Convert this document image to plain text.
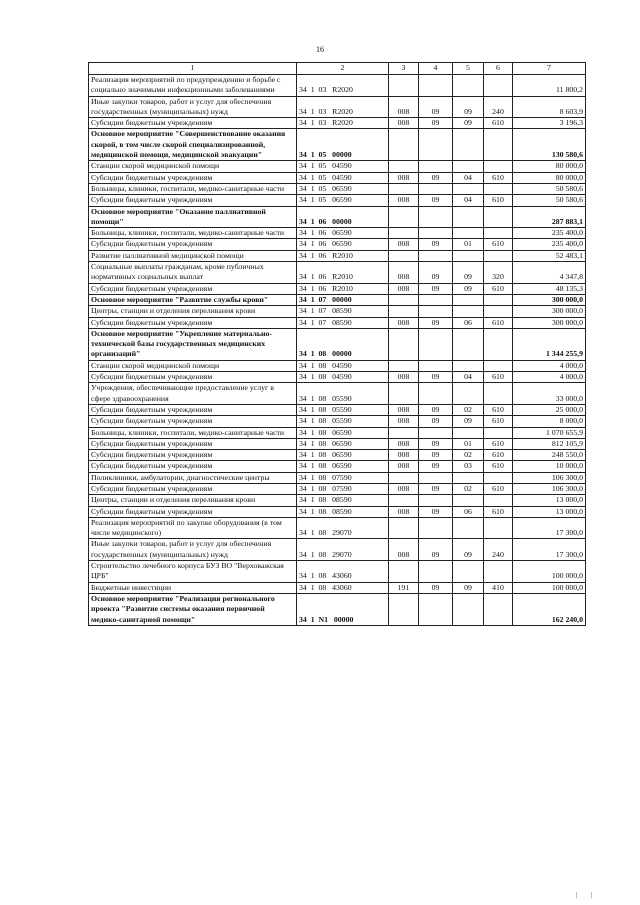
16
1	2	3	4	5	6	7
Реализация мероприятий по предупреждению и борьбе с социально значимыми инфекционными заболеваниями	34  1  03   R2020					11 800,2
Иные закупки товаров, работ и услуг для обеспечения государственных (муниципальных) нужд	34  1  03   R2020	008	09	09	240	8 603,9
Субсидии бюджетным учреждениям	34  1  03   R2020	008	09	09	610	3 196,3
Основное мероприятие "Совершенствование оказания скорой, в том числе скорой специализированной, медицинской помощи, медицинской эвакуации"	34  1  05   00000					130 580,6
Станции скорой медицинской помощи	34  1  05   04590					80 000,0
Субсидии бюджетным учреждениям	34  1  05   04590	008	09	04	610	80 000,0
Больницы, клиники, госпитали, медико-санитарные части	34  1  05   06590					50 580,6
Субсидии бюджетным учреждениям	34  1  05   06590	008	09	04	610	50 580,6
Основное мероприятие "Оказание паллиативной помощи"	34  1  06   00000					287 883,1
Больницы, клиники, госпитали, медико-санитарные части	34  1  06   06590					235 400,0
Субсидии бюджетным учреждениям	34  1  06   06590	008	09	01	610	235 400,0
Развитие паллиативной медицинской помощи	34  1  06   R2010					52 483,1
Социальные выплаты гражданам, кроме публичных нормативных социальных выплат	34  1  06   R2010	008	09	09	320	4 347,8
Субсидии бюджетным учреждениям	34  1  06   R2010	008	09	09	610	48 135,3
Основное мероприятие "Развитие службы крови"	34  1  07   00000					300 000,0
Центры, станции и отделения переливания крови	34  1  07   08590					300 000,0
Субсидии бюджетным учреждениям	34  1  07   08590	008	09	06	610	300 000,0
Основное мероприятие "Укрепление материально-технической базы государственных медицинских организаций"	34  1  08   00000					1 344 255,9
Станции скорой медицинской помощи	34  1  08   04590					4 000,0
Субсидии бюджетным учреждениям	34  1  08   04590	008	09	04	610	4 000,0
Учреждения, обеспечивающие предоставление услуг в сфере здравоохранения	34  1  08   05590					33 000,0
Субсидии бюджетным учреждениям	34  1  08   05590	008	09	02	610	25 000,0
Субсидии бюджетным учреждениям	34  1  08   05590	008	09	09	610	8 000,0
Больницы, клиники, госпитали, медико-санитарные части	34  1  08   06590					1 070 655,9
Субсидии бюджетным учреждениям	34  1  08   06590	008	09	01	610	812 105,9
Субсидии бюджетным учреждениям	34  1  08   06590	008	09	02	610	248 550,0
Субсидии бюджетным учреждениям	34  1  08   06590	008	09	03	610	10 000,0
Поликлиники, амбулатории, диагностические центры	34  1  08   07590					106 300,0
Субсидии бюджетным учреждениям	34  1  08   07590	008	09	02	610	106 300,0
Центры, станции и отделения переливания крови	34  1  08   08590					13 000,0
Субсидии бюджетным учреждениям	34  1  08   08590	008	09	06	610	13 000,0
Реализация мероприятий по закупке оборудования (в том числе медицинского)	34  1  08   29070					17 300,0
Иные закупки товаров, работ и услуг для обеспечения государственных (муниципальных) нужд	34  1  08   29070	008	09	09	240	17 300,0
Строительство лечебного корпуса БУЗ ВО "Верховажская ЦРБ"	34  1  08   43060					100 000,0
Бюджетные инвестиции	34  1  08   43060	191	09	09	410	100 000,0
Основное мероприятие "Реализация регионального проекта "Развитие системы оказания первичной медико-санитарной помощи"	34  1  N1   00000					162 240,0
| |
